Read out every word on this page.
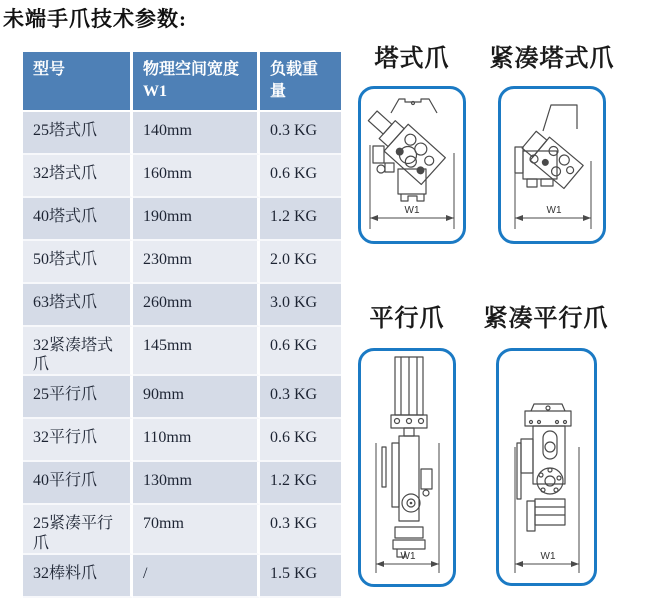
未端手爪技术参数:
型号	物理空间宽度W1	负载重量
25塔式爪	140mm	0.3 KG
32塔式爪	160mm	0.6 KG
40塔式爪	190mm	1.2 KG
50塔式爪	230mm	2.0 KG
63塔式爪	260mm	3.0 KG
32紧凑塔式爪	145mm	0.6 KG
25平行爪	90mm	0.3 KG
32平行爪	110mm	0.6 KG
40平行爪	130mm	1.2 KG
25紧凑平行爪	70mm	0.3 KG
32棒料爪	/	1.5 KG
塔式爪	紧凑塔式爪
平行爪	紧凑平行爪
W1	W1
W1	W1
